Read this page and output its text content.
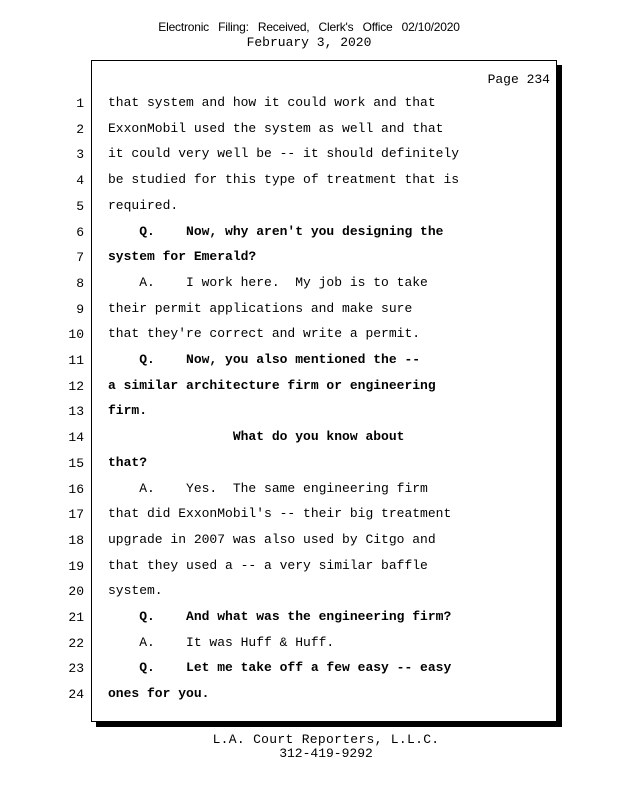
Electronic Filing: Received, Clerk's Office 02/10/2020
February 3, 2020
Page 234
1
2
3
4
5
6
7
8
9
10
11
12
13
14
15
16
17
18
19
20
21
22
23
24
that system and how it could work and that
ExxonMobil used the system as well and that
it could very well be -- it should definitely
be studied for this type of treatment that is
required.
Q.    Now, why aren't you designing the
system for Emerald?
A.    I work here.  My job is to take
their permit applications and make sure
that they're correct and write a permit.
Q.    Now, you also mentioned the --
a similar architecture firm or engineering
firm.
What do you know about
that?
A.    Yes.  The same engineering firm
that did ExxonMobil's -- their big treatment
upgrade in 2007 was also used by Citgo and
that they used a -- a very similar baffle
system.
Q.    And what was the engineering firm?
A.    It was Huff & Huff.
Q.    Let me take off a few easy -- easy
ones for you.
L.A. Court Reporters, L.L.C.
312-419-9292
